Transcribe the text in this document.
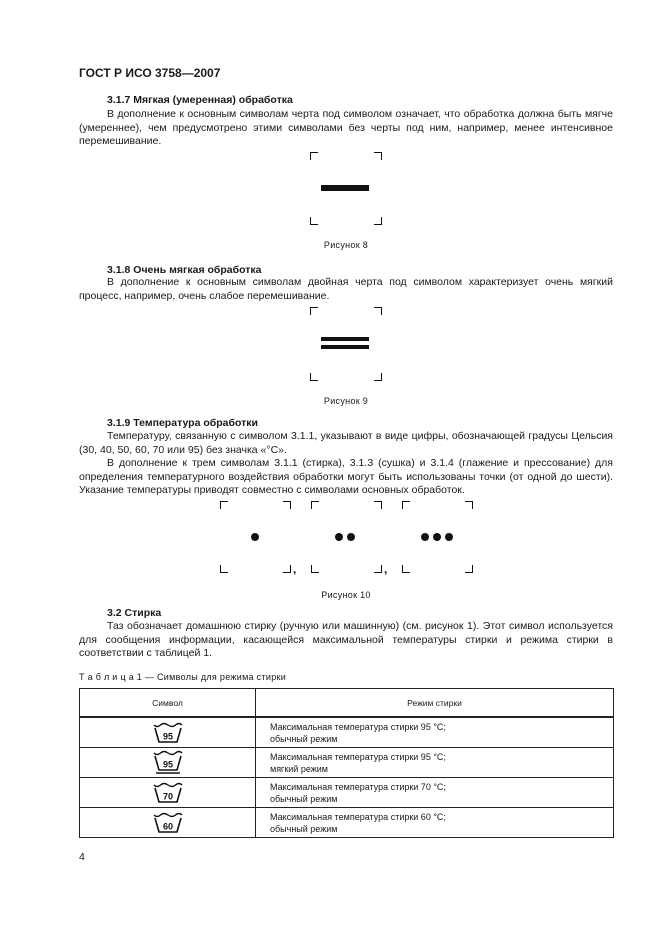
ГОСТ Р ИСО 3758—2007
3.1.7 Мягкая (умеренная) обработка
В дополнение к основным символам черта под символом означает, что обработка должна быть мягче (умереннее), чем предусмотрено этими символами без черты под ним, например, менее интенсивное перемешивание.
Рисунок 8
3.1.8 Очень мягкая обработка
В дополнение к основным символам двойная черта под символом характеризует очень мягкий процесс, например, очень слабое перемешивание.
Рисунок 9
3.1.9 Температура обработки
Температуру, связанную с символом 3.1.1, указывают в виде цифры, обозначающей градусы Цельсия (30, 40, 50, 60, 70 или 95) без значка «°С».
В дополнение к трем символам 3.1.1 (стирка), 3.1.3 (сушка) и 3.1.4 (глажение и прессование) для определения температурного воздействия обработки могут быть использованы точки (от одной до шести). Указание температуры приводят совместно с символами основных обработок.
,	,
Рисунок 10
3.2 Стирка
Таз обозначает домашнюю стирку (ручную или машинную) (см. рисунок 1). Этот символ используется для сообщения информации, касающейся максимальной температуры стирки и режима стирки в соответствии с таблицей 1.
Т а б л и ц а 1 — Символы для режима стирки
Символ	Режим стирки

95	Максимальная температура стирки 95 °С;
обычный режим

95	Максимальная температура стирки 95 °С;
мягкий режим

70	Максимальная температура стирки 70 °С;
обычный режим

60	Максимальная температура стирки 60 °С;
обычный режим
4
